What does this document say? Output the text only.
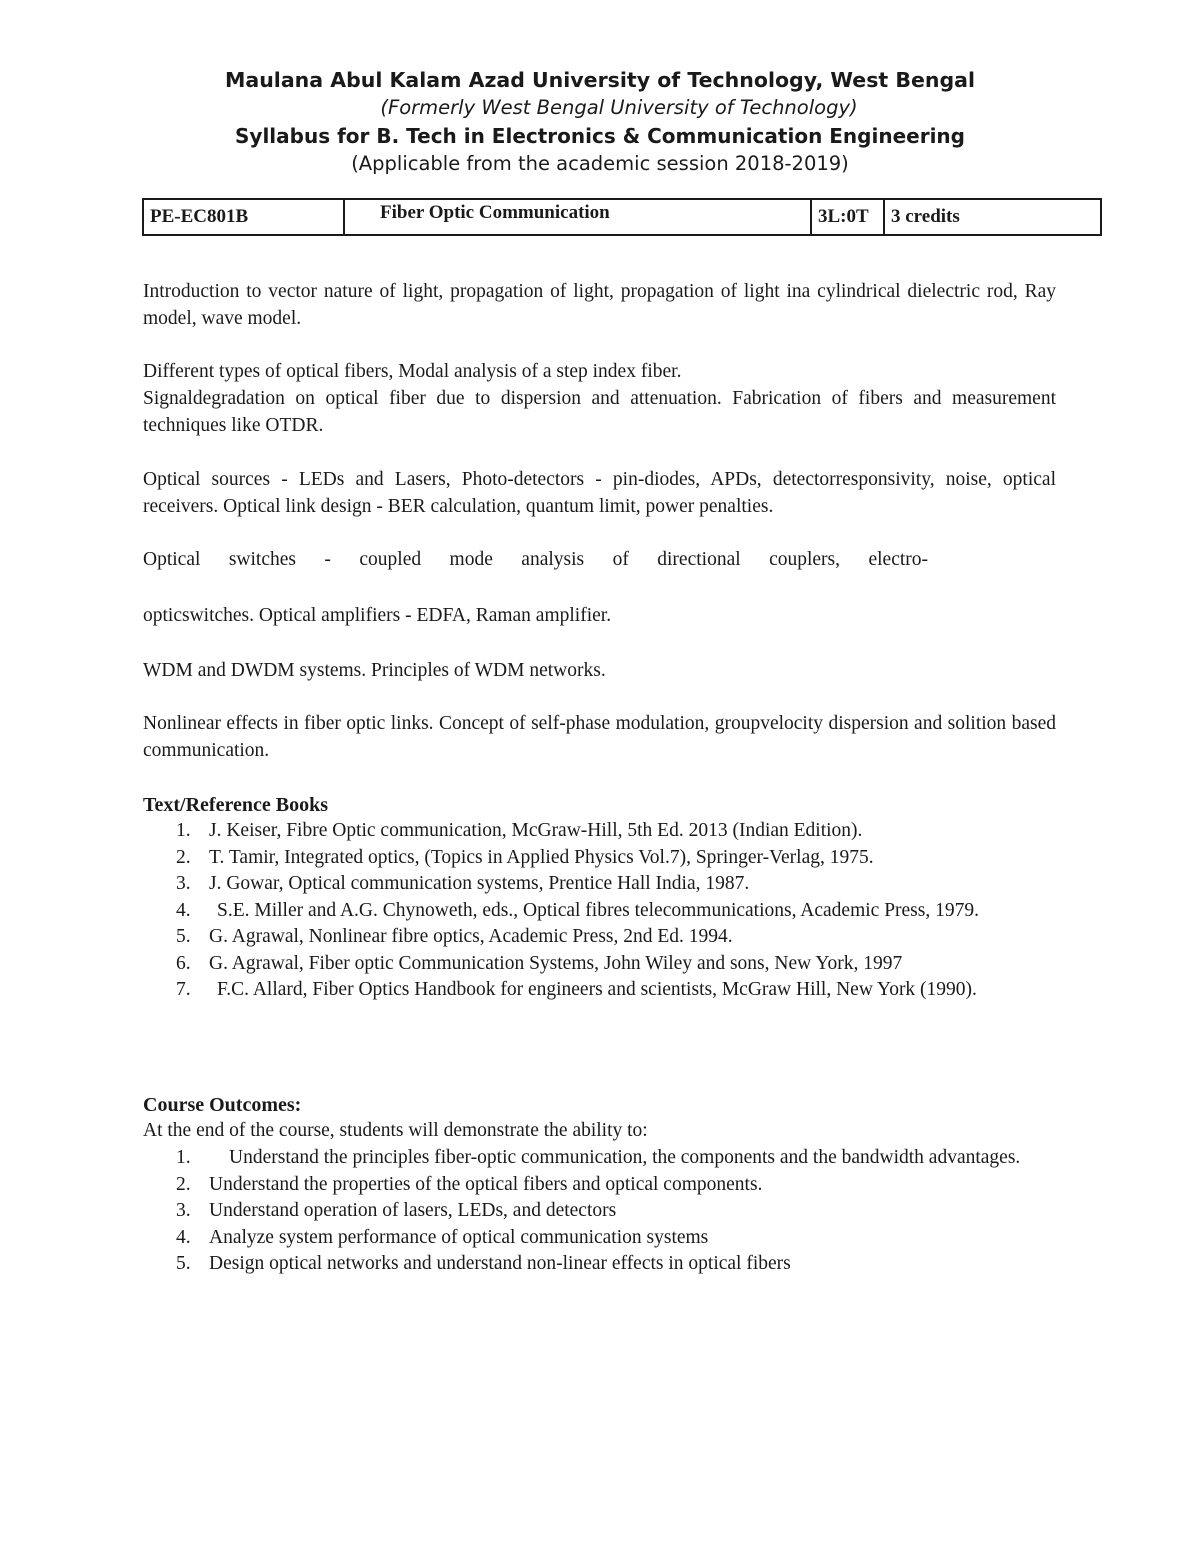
Maulana Abul Kalam Azad University of Technology, West Bengal
(Formerly West Bengal University of Technology)
Syllabus for B. Tech in Electronics & Communication Engineering
(Applicable from the academic session 2018-2019)
PE-EC801B	Fiber Optic Communication	3L:0T	3 credits

Introduction to vector nature of light, propagation of light, propagation of light ina cylindrical dielectric rod, Ray model, wave model.

Different types of optical fibers, Modal analysis of a step index fiber.

Signaldegradation on optical fiber due to dispersion and attenuation. Fabrication of fibers and measurement techniques like OTDR.

Optical sources - LEDs and Lasers, Photo-detectors - pin-diodes, APDs, detectorresponsivity, noise, optical receivers. Optical link design - BER calculation, quantum limit, power penalties.

Optical switches - coupled mode analysis of directional couplers, electro-

opticswitches. Optical amplifiers - EDFA, Raman amplifier.

WDM and DWDM systems. Principles of WDM networks.

Nonlinear effects in fiber optic links. Concept of self-phase modulation, groupvelocity dispersion and solition based communication.

Text/Reference Books
1. J. Keiser, Fibre Optic communication, McGraw-Hill, 5th Ed. 2013 (Indian Edition).
2. T. Tamir, Integrated optics, (Topics in Applied Physics Vol.7), Springer-Verlag, 1975.
3. J. Gowar, Optical communication systems, Prentice Hall India, 1987.
4.	S.E. Miller and A.G. Chynoweth, eds., Optical fibres telecommunications, Academic Press, 1979.
5. G. Agrawal, Nonlinear fibre optics, Academic Press, 2nd Ed. 1994.
6. G. Agrawal, Fiber optic Communication Systems, John Wiley and sons, New York, 1997
7.	F.C. Allard, Fiber Optics Handbook for engineers and scientists, McGraw Hill, New York (1990).
Course Outcomes:

At the end of the course, students will demonstrate the ability to:

1.	Understand the principles fiber-optic communication, the components and the bandwidth advantages.
2. Understand the properties of the optical fibers and optical components.
3. Understand operation of lasers, LEDs, and detectors
4. Analyze system performance of optical communication systems
5. Design optical networks and understand non-linear effects in optical fibers
